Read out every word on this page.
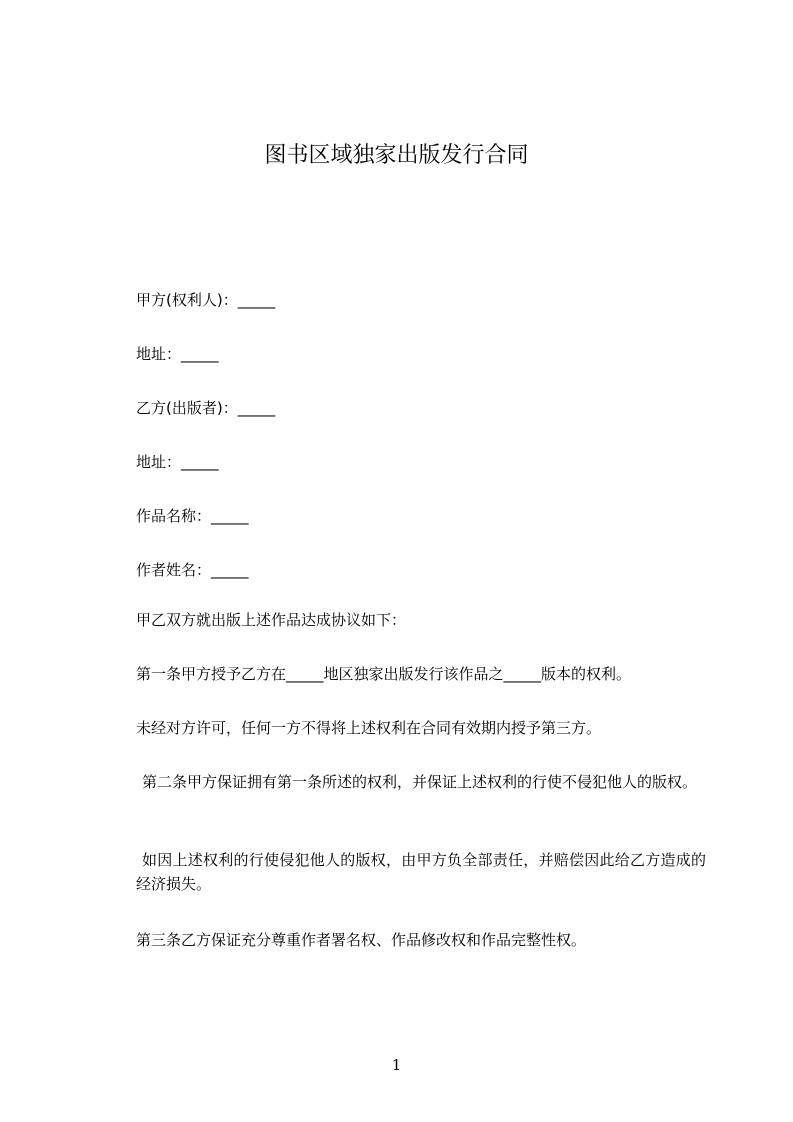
图书区域独家出版发行合同
甲方(权利人)：_____
地址：_____
乙方(出版者)：_____
地址：_____
作品名称：_____
作者姓名：_____
甲乙双方就出版上述作品达成协议如下：
第一条甲方授予乙方在_____地区独家出版发行该作品之_____版本的权利。
未经对方许可，任何一方不得将上述权利在合同有效期内授予第三方。
第二条甲方保证拥有第一条所述的权利，并保证上述权利的行使不侵犯他人的版权。
如因上述权利的行使侵犯他人的版权，由甲方负全部责任，并赔偿因此给乙方造成的经济损失。
第三条乙方保证充分尊重作者署名权、作品修改权和作品完整性权。
1
